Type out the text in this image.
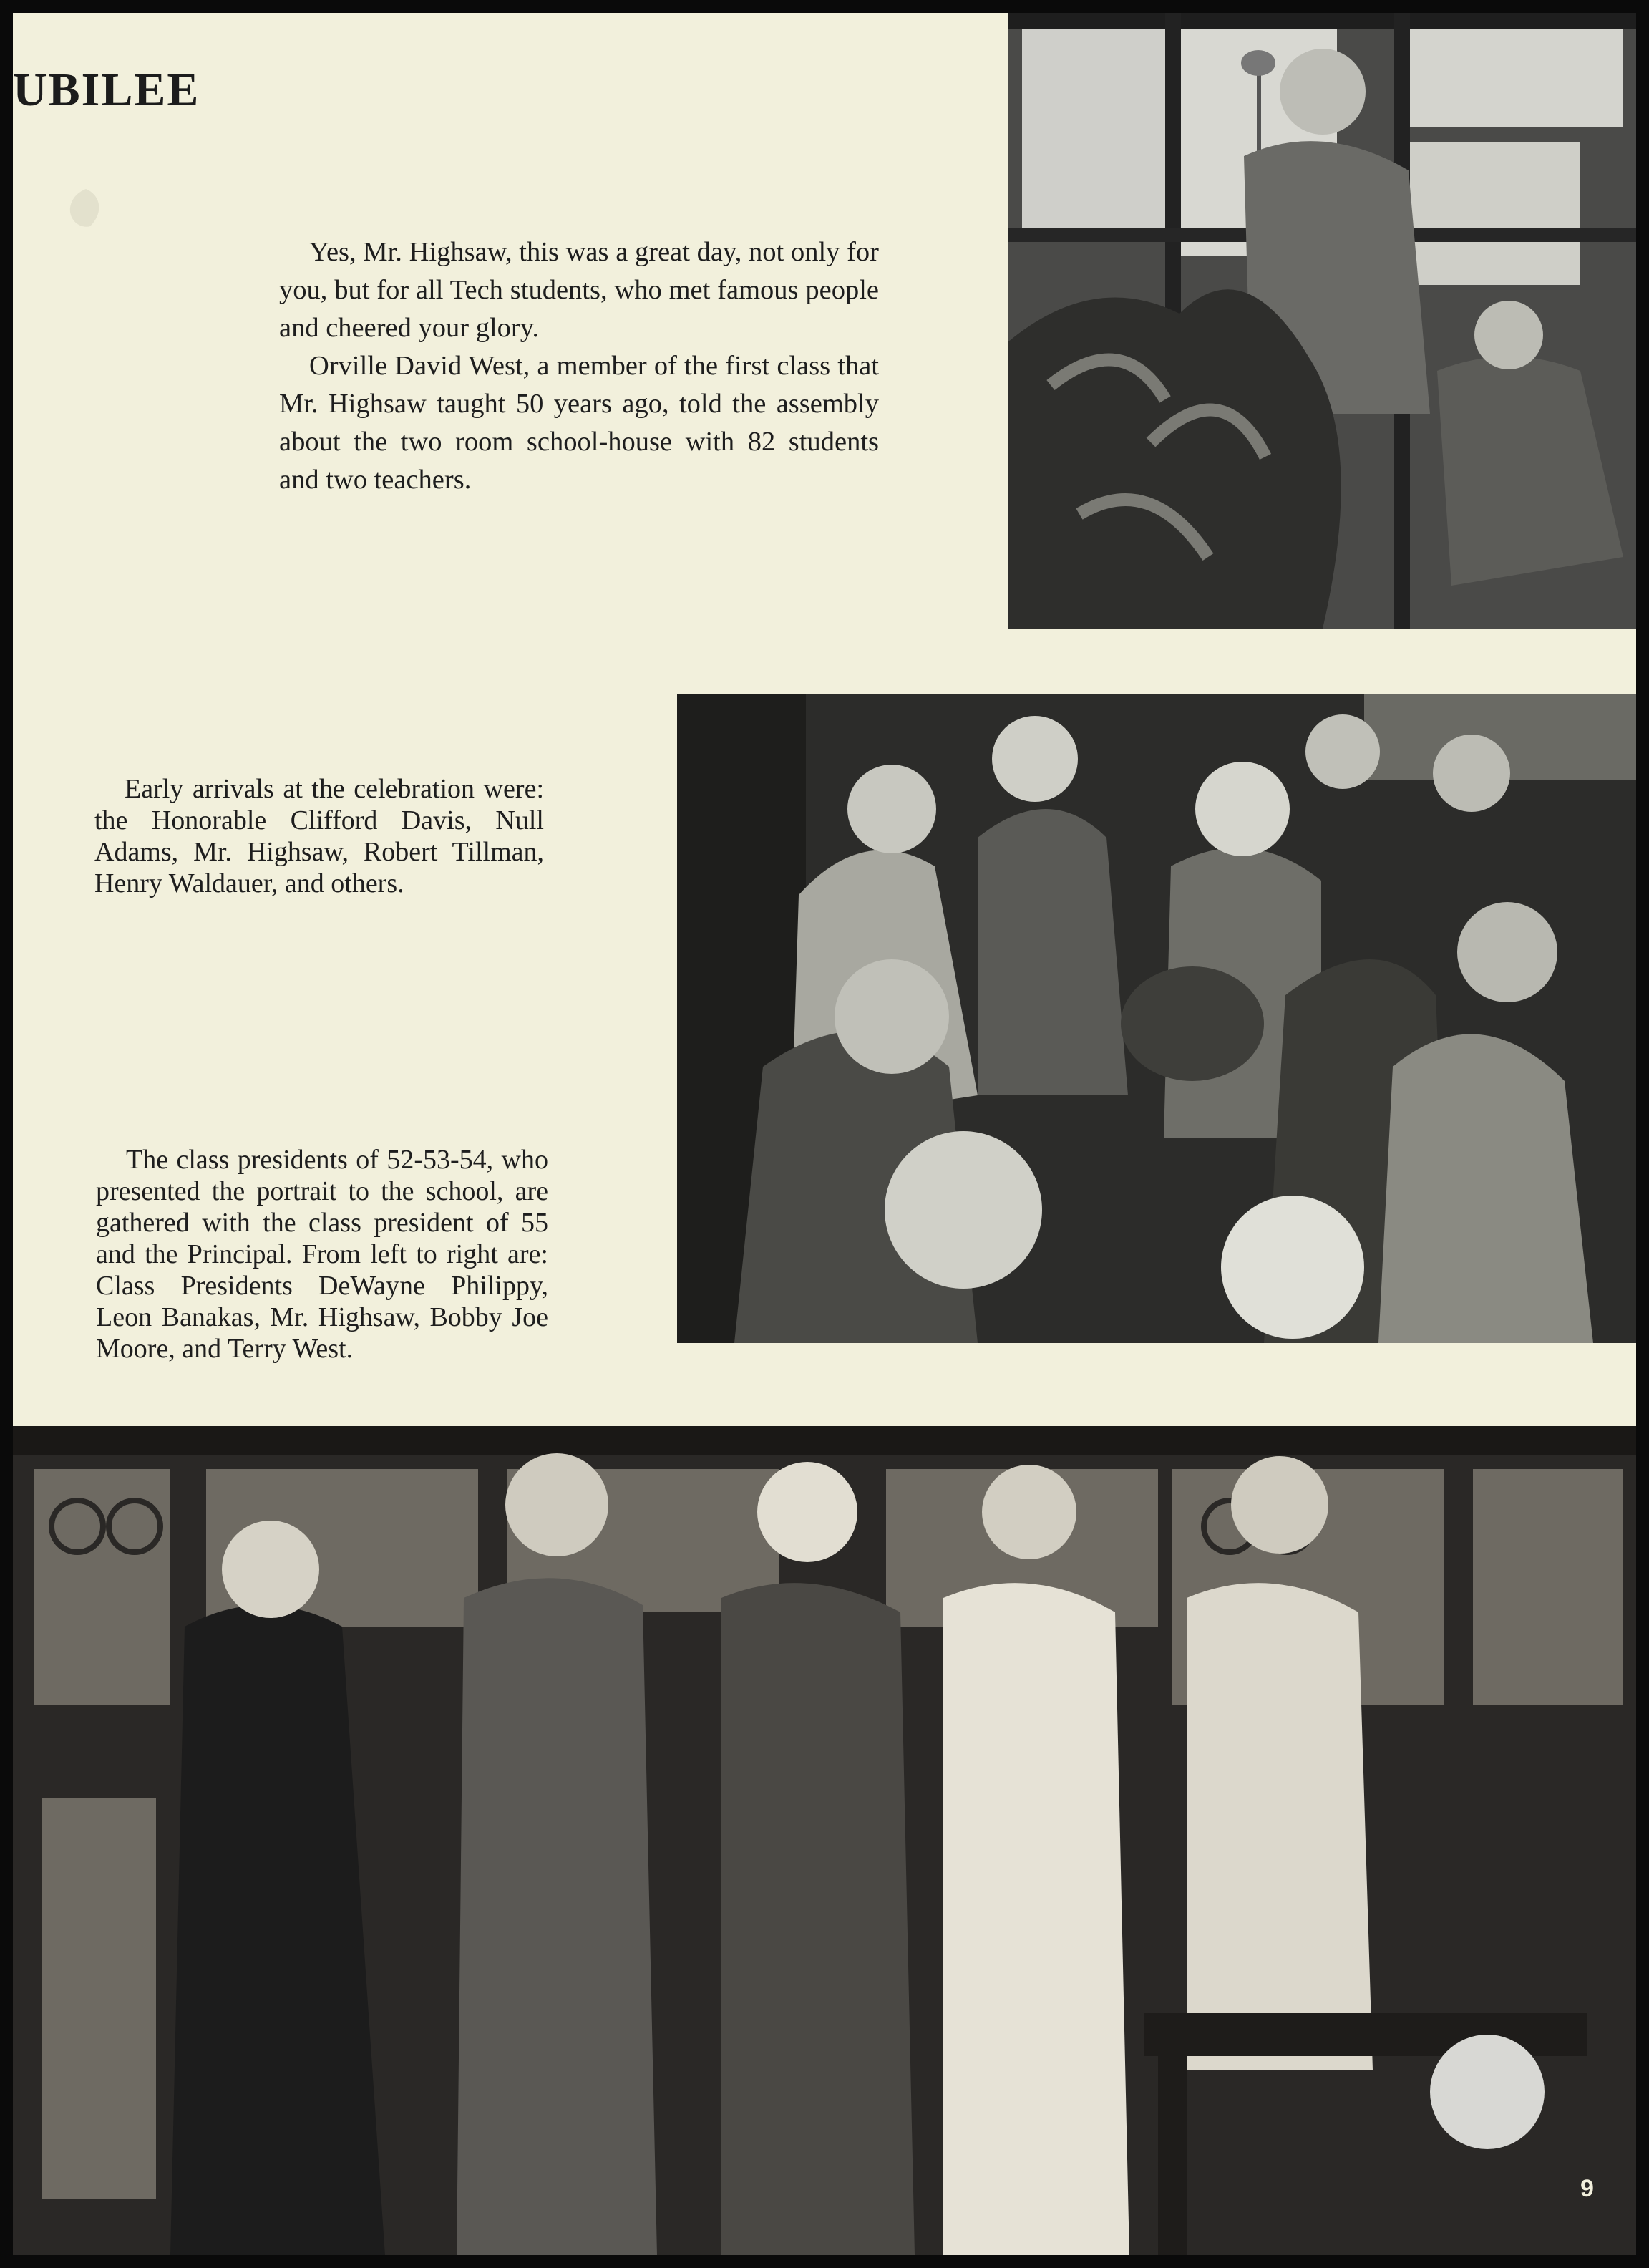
UBILEE

Yes, Mr. Highsaw, this was a great day, not only for you, but for all Tech students, who met famous people and cheered your glory.

Orville David West, a member of the first class that Mr. Highsaw taught 50 years ago, told the assembly about the two room school-house with 82 students and two teachers.

Early arrivals at the celebration were: the Honorable Clifford Davis, Null Adams, Mr. Highsaw, Robert Tillman, Henry Waldauer, and others.

The class presidents of 52-53-54, who presented the portrait to the school, are gathered with the class president of 55 and the Principal. From left to right are: Class Presidents DeWayne Philippy, Leon Banakas, Mr. Highsaw, Bobby Joe Moore, and Terry West.

9
